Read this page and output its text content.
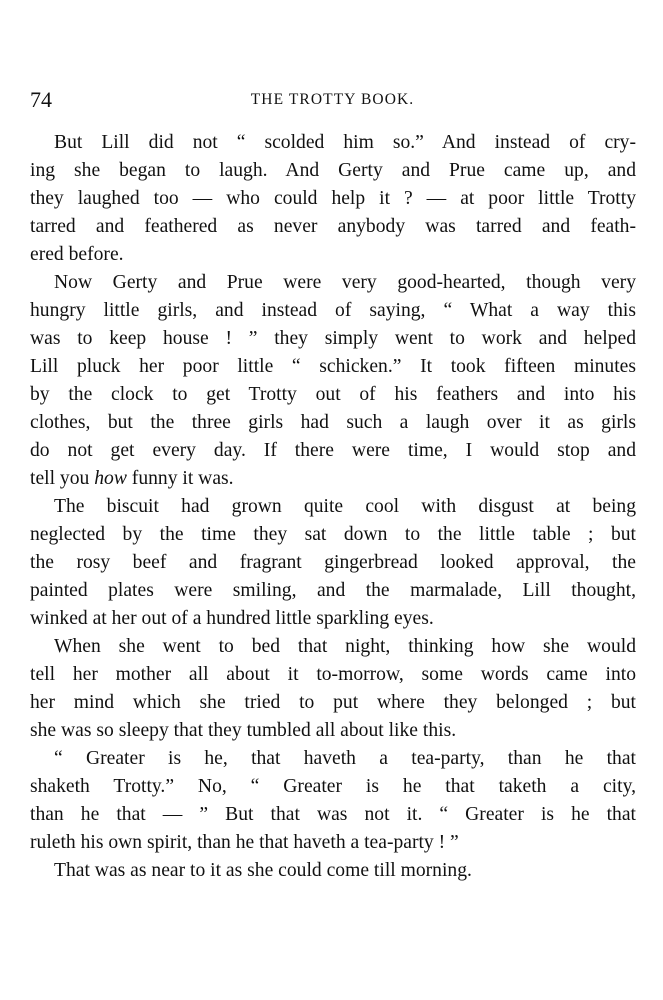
74	THE TROTTY BOOK.
But Lill did not “ scolded him so.” And instead of cry-
ing she began to laugh. And Gerty and Prue came up, and
they laughed too — who could help it ? — at poor little Trotty
tarred and feathered as never anybody was tarred and feath-
ered before.
Now Gerty and Prue were very good-hearted, though very
hungry little girls, and instead of saying, “ What a way this
was to keep house ! ” they simply went to work and helped
Lill pluck her poor little “ schicken.” It took fifteen minutes
by the clock to get Trotty out of his feathers and into his
clothes, but the three girls had such a laugh over it as girls
do not get every day. If there were time, I would stop and
tell you how funny it was.
The biscuit had grown quite cool with disgust at being
neglected by the time they sat down to the little table ; but
the rosy beef and fragrant gingerbread looked approval, the
painted plates were smiling, and the marmalade, Lill thought,
winked at her out of a hundred little sparkling eyes.
When she went to bed that night, thinking how she would
tell her mother all about it to-morrow, some words came into
her mind which she tried to put where they belonged ; but
she was so sleepy that they tumbled all about like this.
“ Greater is he, that haveth a tea-party, than he that
shaketh Trotty.” No, “ Greater is he that taketh a city,
than he that — ” But that was not it. “ Greater is he that
ruleth his own spirit, than he that haveth a tea-party ! ”
That was as near to it as she could come till morning.
